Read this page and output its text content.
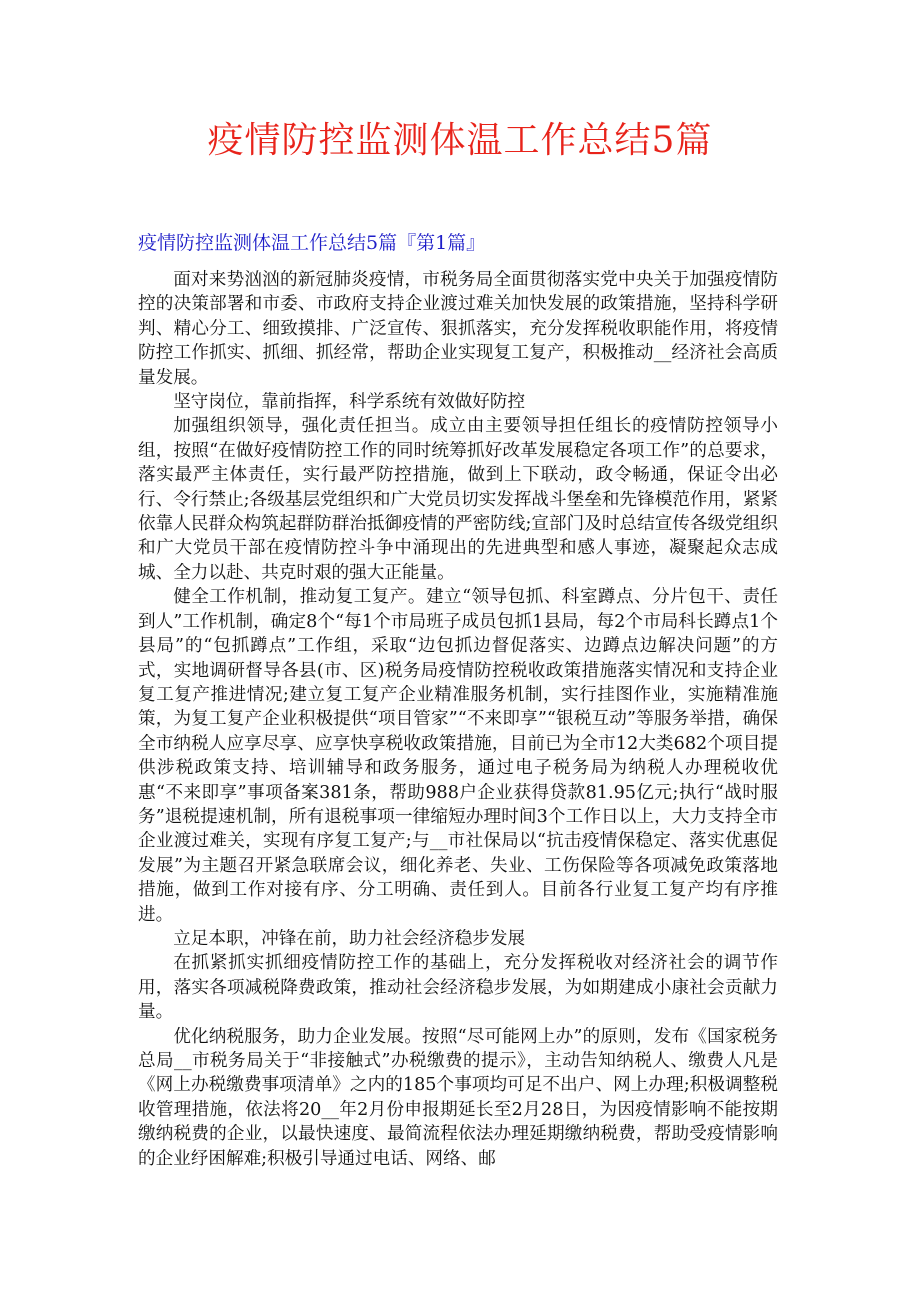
疫情防控监测体温工作总结5篇
疫情防控监测体温工作总结5篇『第1篇』

面对来势汹汹的新冠肺炎疫情，市税务局全面贯彻落实党中央关于加强疫情防控的决策部署和市委、市政府支持企业渡过难关加快发展的政策措施，坚持科学研判、精心分工、细致摸排、广泛宣传、狠抓落实，充分发挥税收职能作用，将疫情防控工作抓实、抓细、抓经常，帮助企业实现复工复产，积极推动__经济社会高质量发展。

坚守岗位，靠前指挥，科学系统有效做好防控

加强组织领导，强化责任担当。成立由主要领导担任组长的疫情防控领导小组，按照“在做好疫情防控工作的同时统筹抓好改革发展稳定各项工作”的总要求，落实最严主体责任，实行最严防控措施，做到上下联动，政令畅通，保证令出必行、令行禁止;各级基层党组织和广大党员切实发挥战斗堡垒和先锋模范作用，紧紧依靠人民群众构筑起群防群治抵御疫情的严密防线;宣部门及时总结宣传各级党组织和广大党员干部在疫情防控斗争中涌现出的先进典型和感人事迹，凝聚起众志成城、全力以赴、共克时艰的强大正能量。

健全工作机制，推动复工复产。建立“领导包抓、科室蹲点、分片包干、责任到人”工作机制，确定8个“每1个市局班子成员包抓1县局，每2个市局科长蹲点1个县局”的“包抓蹲点”工作组，采取“边包抓边督促落实、边蹲点边解决问题”的方式，实地调研督导各县(市、区)税务局疫情防控税收政策措施落实情况和支持企业复工复产推进情况;建立复工复产企业精准服务机制，实行挂图作业，实施精准施策，为复工复产企业积极提供“项目管家”“不来即享”“银税互动”等服务举措，确保全市纳税人应享尽享、应享快享税收政策措施，目前已为全市12大类682个项目提供涉税政策支持、培训辅导和政务服务，通过电子税务局为纳税人办理税收优惠“不来即享”事项备案381条，帮助988户企业获得贷款81.95亿元;执行“战时服务”退税提速机制，所有退税事项一律缩短办理时间3个工作日以上，大力支持全市企业渡过难关，实现有序复工复产;与__市社保局以“抗击疫情保稳定、落实优惠促发展”为主题召开紧急联席会议，细化养老、失业、工伤保险等各项减免政策落地措施，做到工作对接有序、分工明确、责任到人。目前各行业复工复产均有序推进。

立足本职，冲锋在前，助力社会经济稳步发展

在抓紧抓实抓细疫情防控工作的基础上，充分发挥税收对经济社会的调节作用，落实各项减税降费政策，推动社会经济稳步发展，为如期建成小康社会贡献力量。

优化纳税服务，助力企业发展。按照“尽可能网上办”的原则，发布《国家税务总局__市税务局关于“非接触式”办税缴费的提示》，主动告知纳税人、缴费人凡是《网上办税缴费事项清单》之内的185个事项均可足不出户、网上办理;积极调整税收管理措施，依法将20__年2月份申报期延长至2月28日，为因疫情影响不能按期缴纳税费的企业，以最快速度、最简流程依法办理延期缴纳税费，帮助受疫情影响的企业纾困解难;积极引导通过电话、网络、邮
